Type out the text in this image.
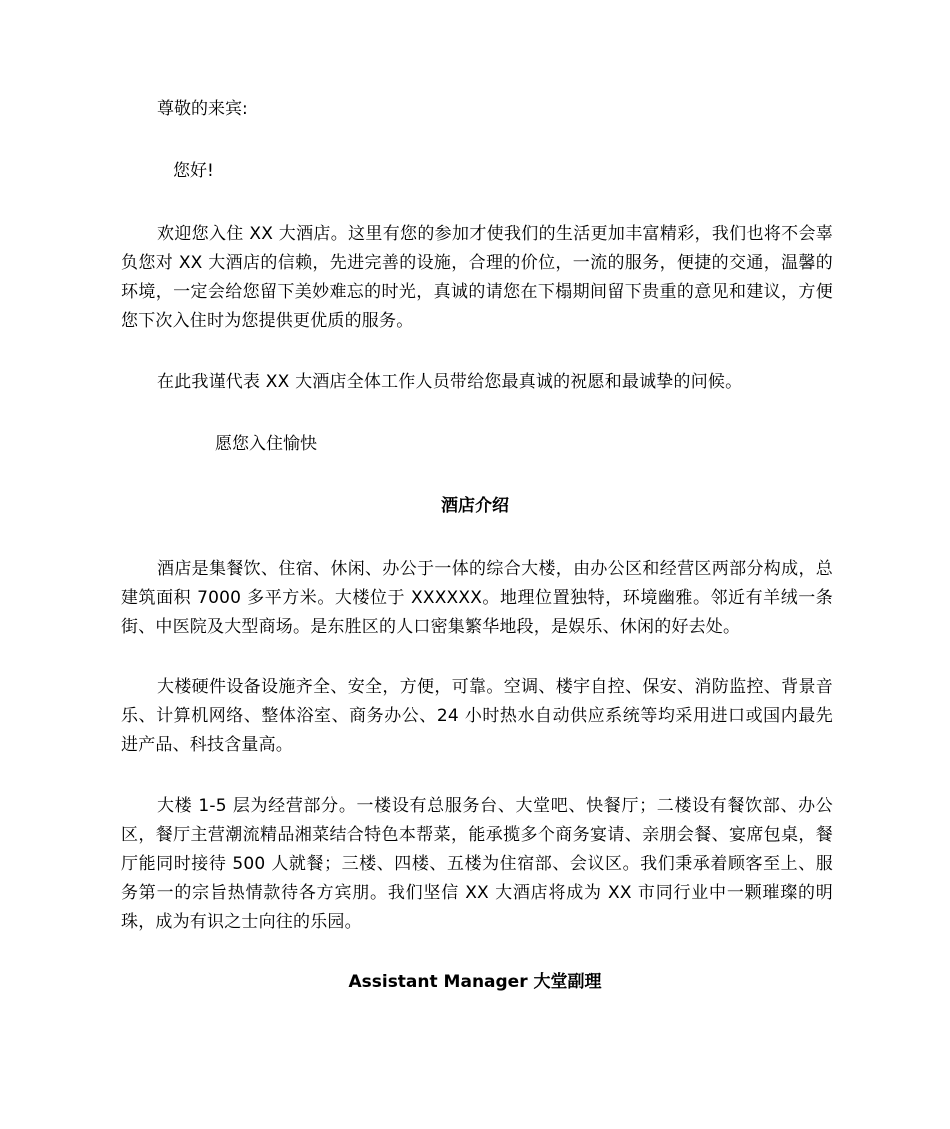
尊敬的来宾:
您好!
欢迎您入住 XX 大酒店。这里有您的参加才使我们的生活更加丰富精彩，我们也将不会辜负您对 XX 大酒店的信赖，先进完善的设施，合理的价位，一流的服务，便捷的交通，温馨的环境，一定会给您留下美妙难忘的时光，真诚的请您在下榻期间留下贵重的意见和建议，方便您下次入住时为您提供更优质的服务。
在此我谨代表 XX 大酒店全体工作人员带给您最真诚的祝愿和最诚挚的问候。
愿您入住愉快
酒店介绍
酒店是集餐饮、住宿、休闲、办公于一体的综合大楼，由办公区和经营区两部分构成，总建筑面积 7000 多平方米。大楼位于 XXXXXX。地理位置独特，环境幽雅。邻近有羊绒一条街、中医院及大型商场。是东胜区的人口密集繁华地段，是娱乐、休闲的好去处。
大楼硬件设备设施齐全、安全，方便，可靠。空调、楼宇自控、保安、消防监控、背景音乐、计算机网络、整体浴室、商务办公、24 小时热水自动供应系统等均采用进口或国内最先进产品、科技含量高。
大楼 1-5 层为经营部分。一楼设有总服务台、大堂吧、快餐厅；二楼设有餐饮部、办公区，餐厅主营潮流精品湘菜结合特色本帮菜，能承揽多个商务宴请、亲朋会餐、宴席包桌，餐厅能同时接待 500 人就餐；三楼、四楼、五楼为住宿部、会议区。我们秉承着顾客至上、服务第一的宗旨热情款待各方宾朋。我们坚信 XX 大酒店将成为 XX 市同行业中一颗璀璨的明珠，成为有识之士向往的乐园。
Assistant Manager 大堂副理
